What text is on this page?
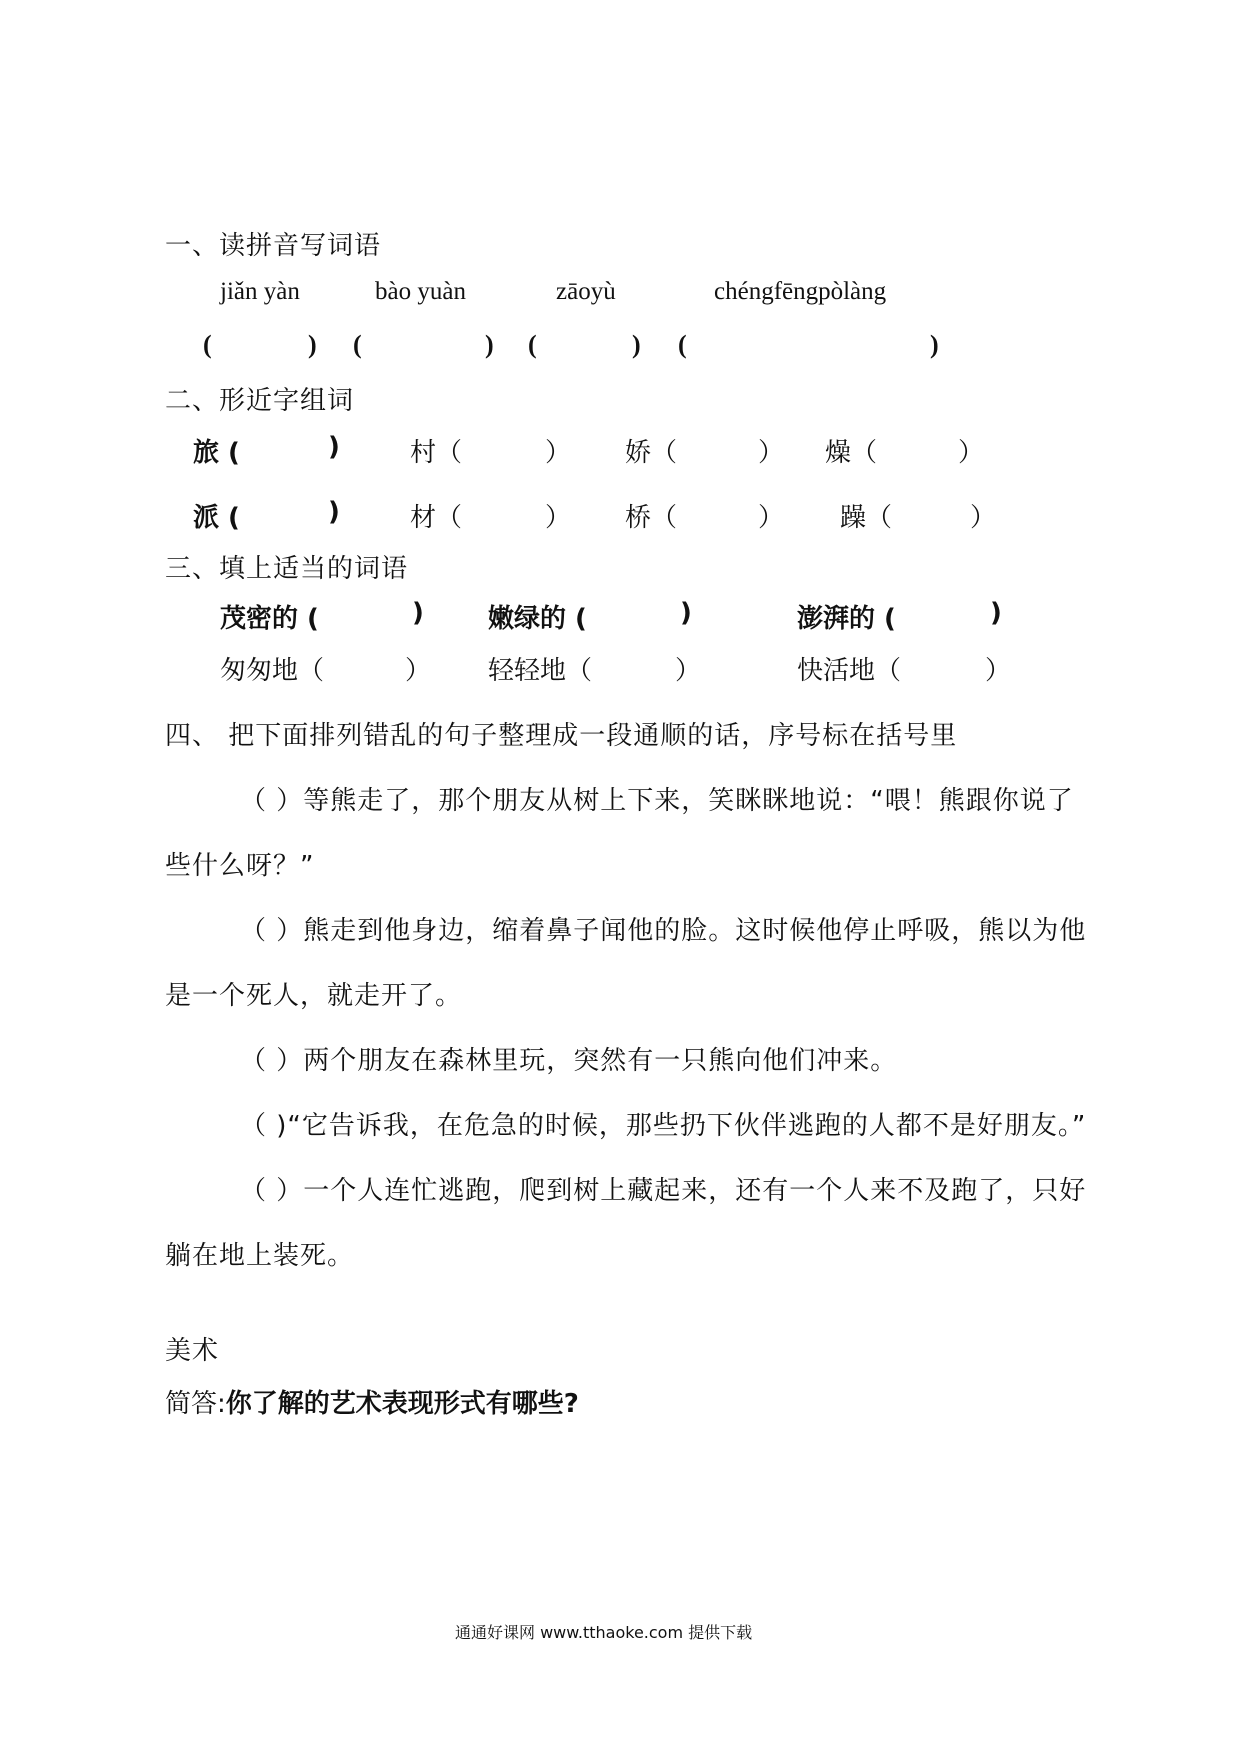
一、读拼音写词语
jiǎn yàn	bào yuàn	zāoyù	chéngfēngpòlàng
(	) (	) (	) (	)
二、形近字组词
旅 (	)	村（	） 娇（	） 燥（	）
派 (	)	材（	） 桥（	） 躁（	）
三、填上适当的词语
茂密的 (	) 嫩绿的 (	)	澎湃的 (	)
匆匆地（	） 轻轻地（	）	快活地（	）
四、 把下面排列错乱的句子整理成一段通顺的话，序号标在括号里
（ ）等熊走了，那个朋友从树上下来，笑眯眯地说：“喂！熊跟你说了
些什么呀？”
（ ）熊走到他身边，缩着鼻子闻他的脸。这时候他停止呼吸，熊以为他
是一个死人，就走开了。
（ ）两个朋友在森林里玩，突然有一只熊向他们冲来。
（ )“它告诉我，在危急的时候，那些扔下伙伴逃跑的人都不是好朋友。”
（ ）一个人连忙逃跑，爬到树上藏起来，还有一个人来不及跑了，只好
躺在地上装死。
美术
简答:你了解的艺术表现形式有哪些?
通通好课网 www.tthaoke.com 提供下载
